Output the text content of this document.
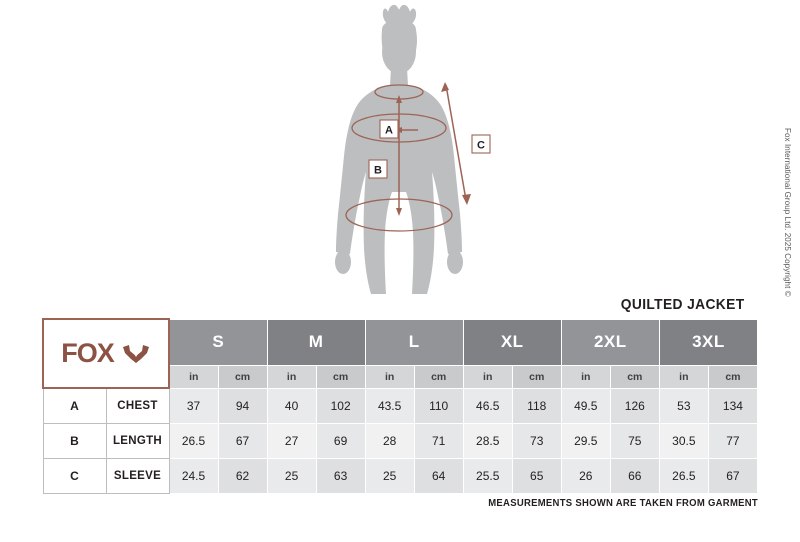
A
B
C
QUILTED JACKET
Fox International Group Ltd. 2025 Copyright ©
FOX		S		M		L		XL		2XL		3XL	
		in	cm	in	cm	in	cm	in	cm	in	cm	in	cm
A	CHEST	37	94	40	102	43.5	110	46.5	118	49.5	126	53	134
B	LENGTH	26.5	67	27	69	28	71	28.5	73	29.5	75	30.5	77
C	SLEEVE	24.5	62	25	63	25	64	25.5	65	26	66	26.5	67
MEASUREMENTS SHOWN ARE TAKEN FROM GARMENT
